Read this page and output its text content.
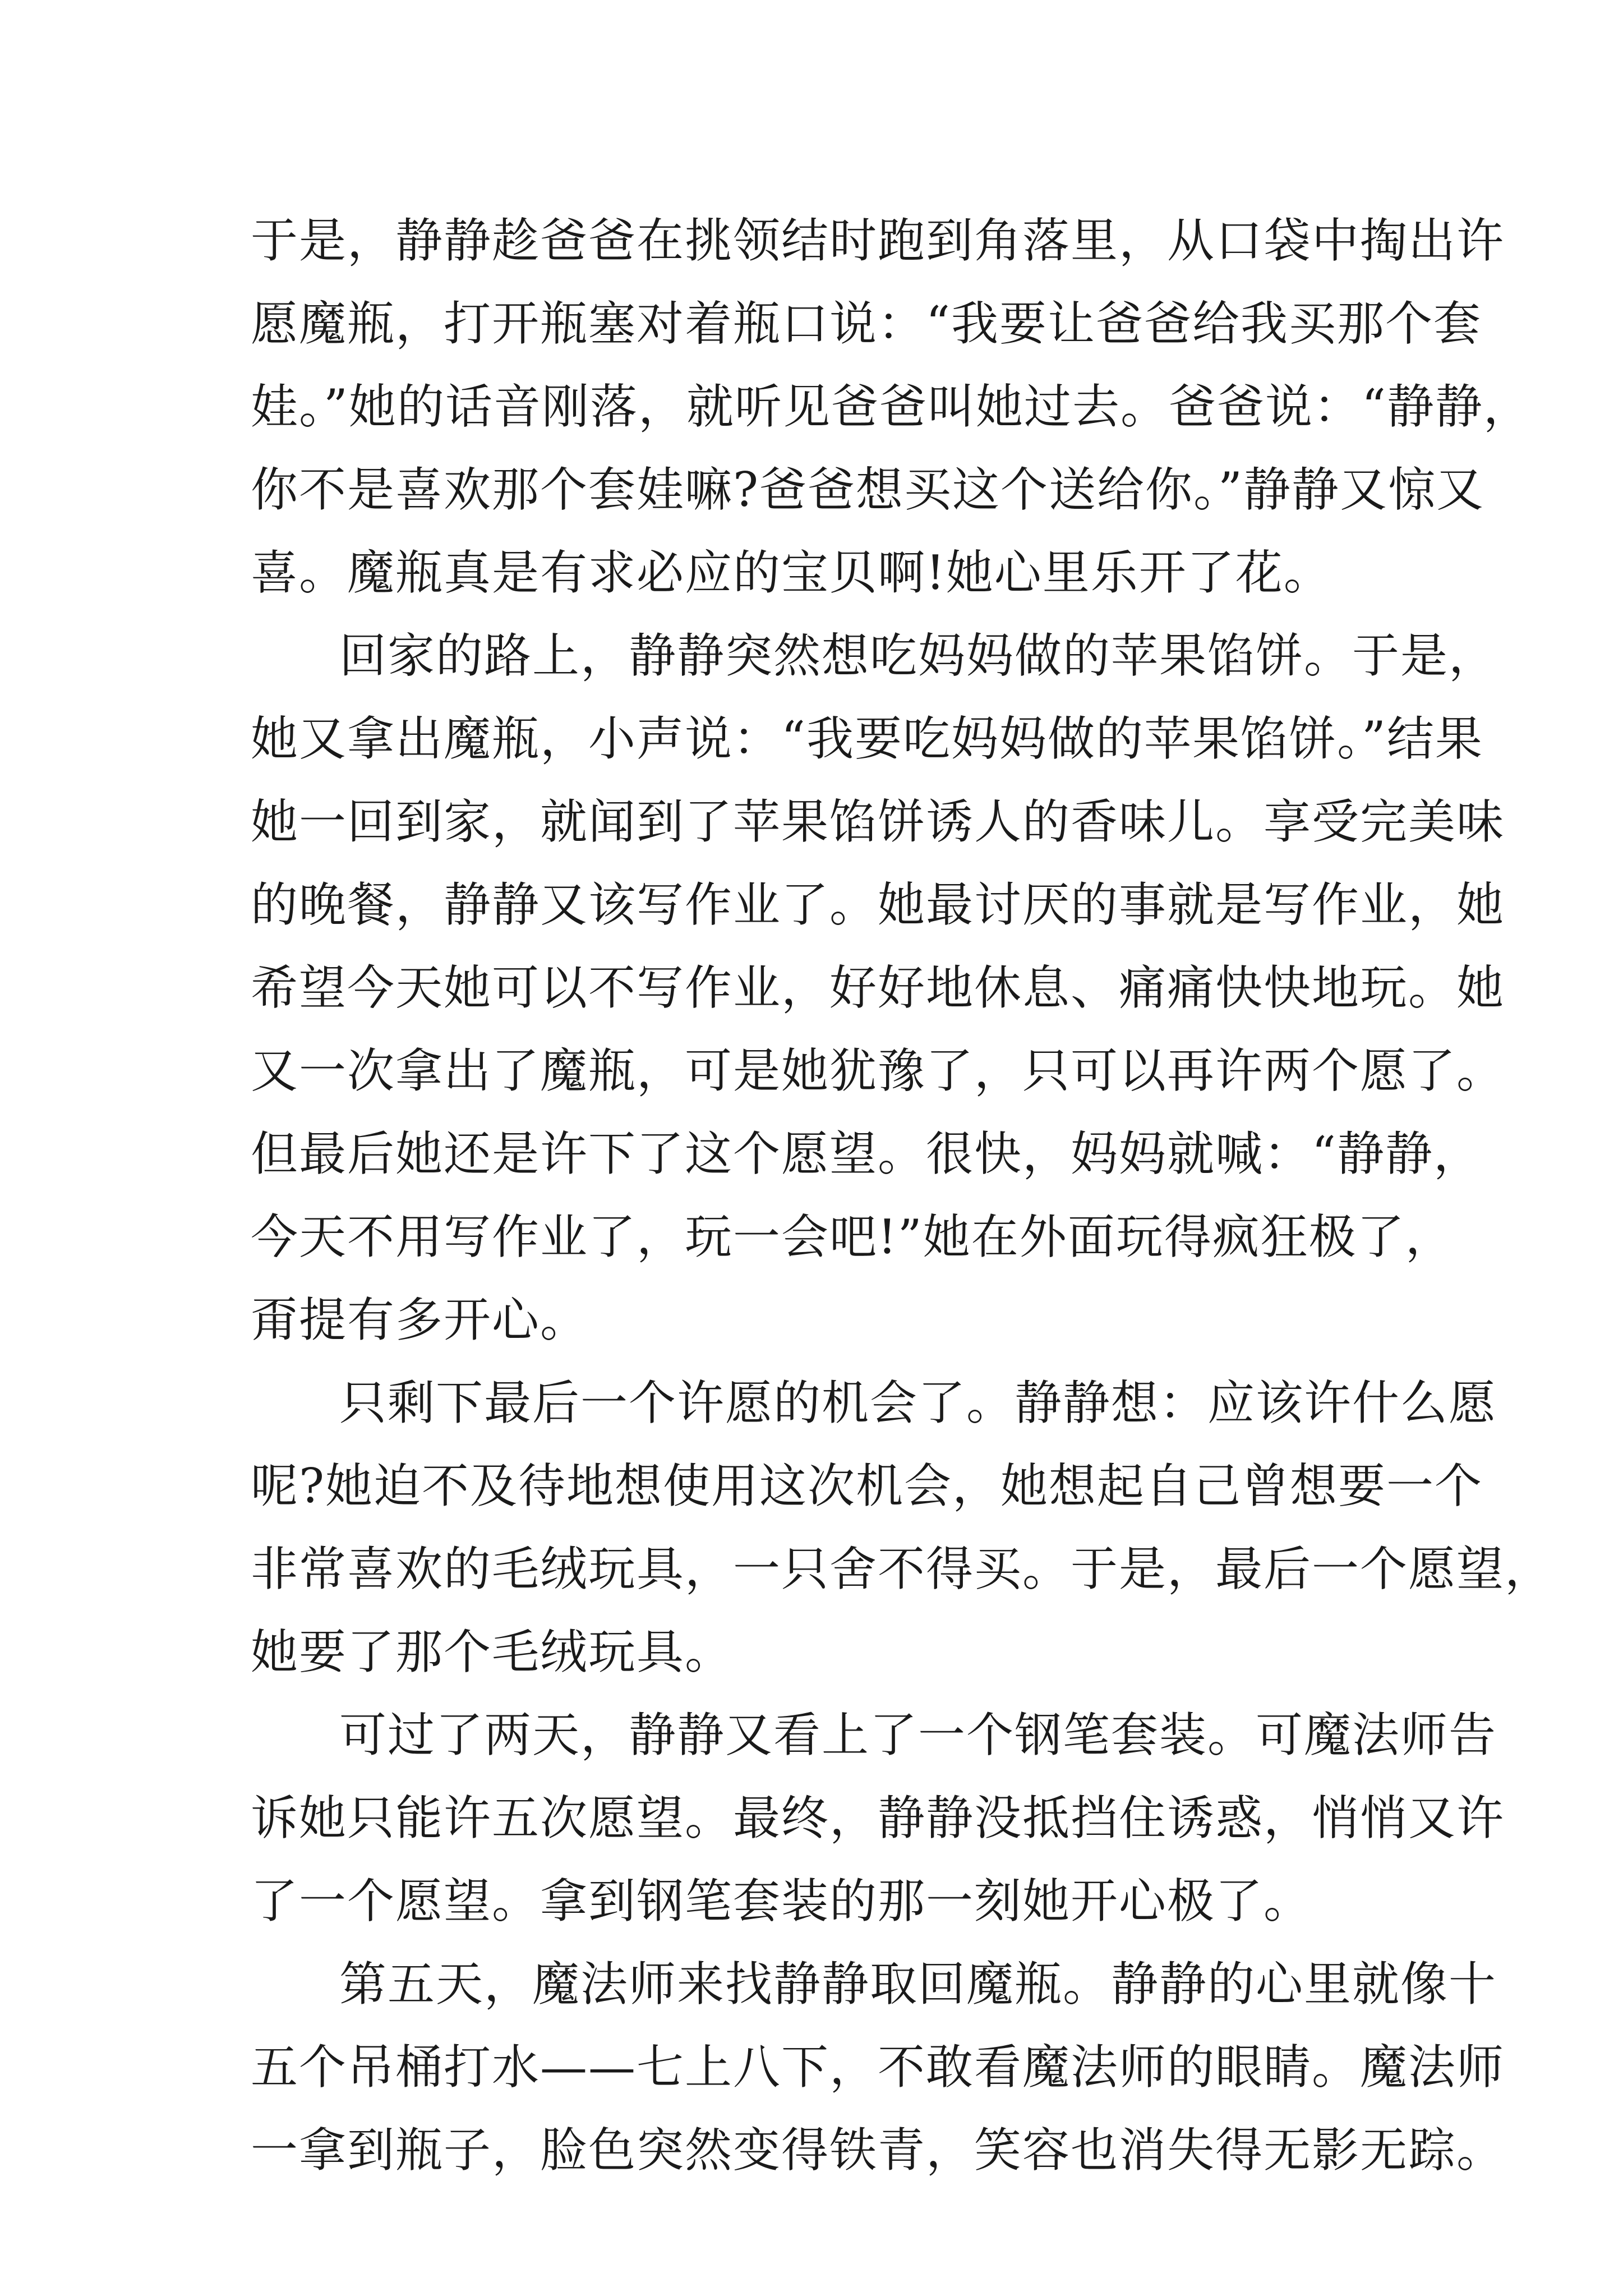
于是，静静趁爸爸在挑领结时跑到角落里，从口袋中掏出许
愿魔瓶，打开瓶塞对着瓶口说：“我要让爸爸给我买那个套
娃。”她的话音刚落，就听见爸爸叫她过去。爸爸说：“静静，
你不是喜欢那个套娃嘛?爸爸想买这个送给你。”静静又惊又
喜。魔瓶真是有求必应的宝贝啊!她心里乐开了花。
回家的路上，静静突然想吃妈妈做的苹果馅饼。于是，
她又拿出魔瓶，小声说：“我要吃妈妈做的苹果馅饼。”结果
她一回到家，就闻到了苹果馅饼诱人的香味儿。享受完美味
的晚餐，静静又该写作业了。她最讨厌的事就是写作业，她
希望今天她可以不写作业，好好地休息、痛痛快快地玩。她
又一次拿出了魔瓶，可是她犹豫了，只可以再许两个愿了。
但最后她还是许下了这个愿望。很快，妈妈就喊：“静静，
今天不用写作业了，玩一会吧!”她在外面玩得疯狂极了，
甭提有多开心。
只剩下最后一个许愿的机会了。静静想：应该许什么愿
呢?她迫不及待地想使用这次机会，她想起自己曾想要一个
非常喜欢的毛绒玩具，一只舍不得买。于是，最后一个愿望，
她要了那个毛绒玩具。
可过了两天，静静又看上了一个钢笔套装。可魔法师告
诉她只能许五次愿望。最终，静静没抵挡住诱惑，悄悄又许
了一个愿望。拿到钢笔套装的那一刻她开心极了。
第五天，魔法师来找静静取回魔瓶。静静的心里就像十
五个吊桶打水——七上八下，不敢看魔法师的眼睛。魔法师
一拿到瓶子，脸色突然变得铁青，笑容也消失得无影无踪。
